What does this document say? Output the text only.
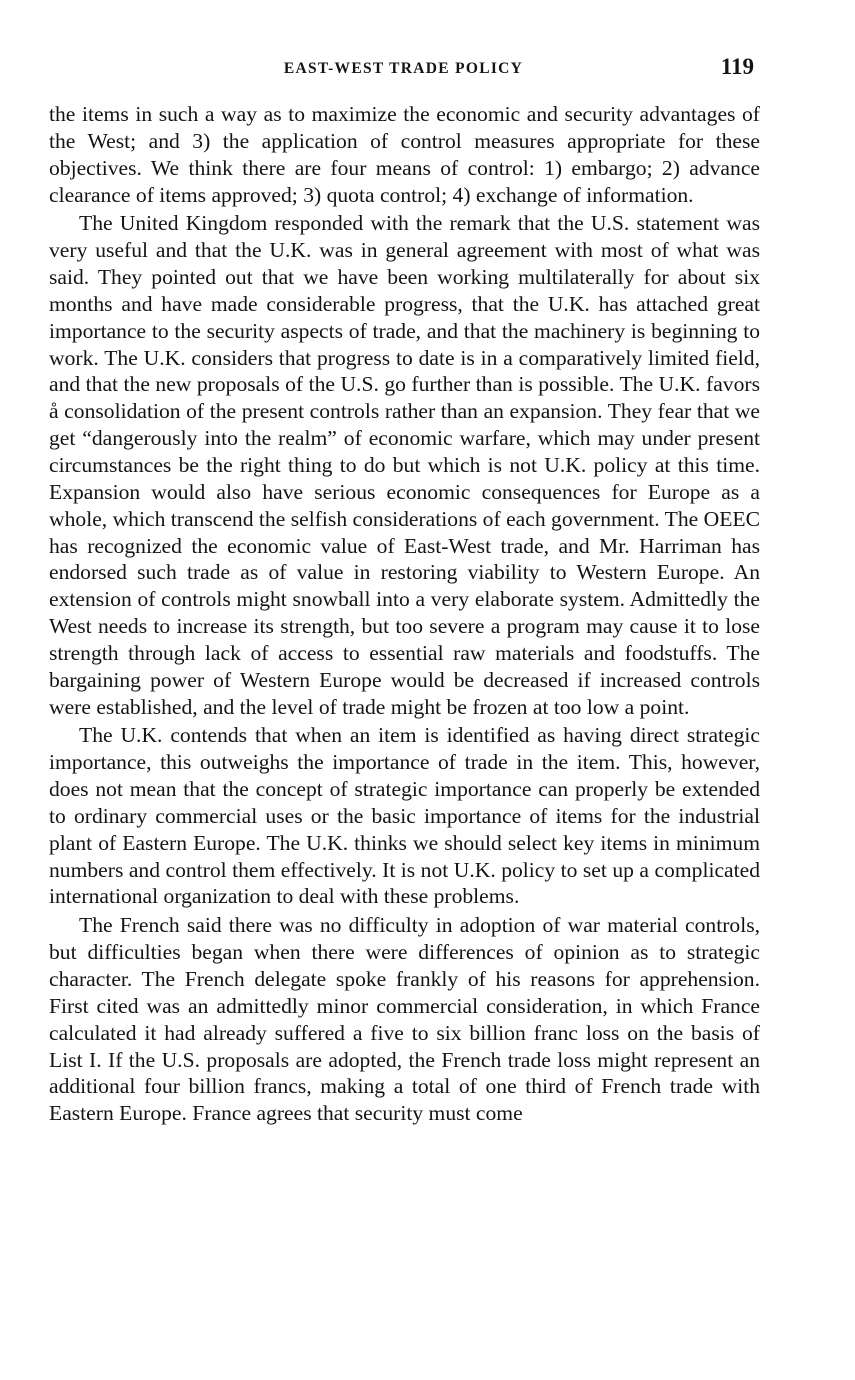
EAST-WEST TRADE POLICY	119

the items in such a way as to maximize the economic and security advantages of the West; and 3) the application of control measures appropriate for these objectives. We think there are four means of control: 1) embargo; 2) advance clearance of items approved; 3) quota control; 4) exchange of information.

The United Kingdom responded with the remark that the U.S. statement was very useful and that the U.K. was in general agreement with most of what was said. They pointed out that we have been working multilaterally for about six months and have made considerable progress, that the U.K. has attached great importance to the security aspects of trade, and that the machinery is beginning to work. The U.K. considers that progress to date is in a comparatively limited field, and that the new proposals of the U.S. go further than is possible. The U.K. favors å consolidation of the present controls rather than an expansion. They fear that we get “dangerously into the realm” of economic warfare, which may under present circumstances be the right thing to do but which is not U.K. policy at this time. Expansion would also have serious economic consequences for Europe as a whole, which transcend the selfish considerations of each government. The OEEC has recognized the economic value of East-West trade, and Mr. Harriman has endorsed such trade as of value in restoring viability to Western Europe. An extension of controls might snowball into a very elaborate system. Admittedly the West needs to increase its strength, but too severe a program may cause it to lose strength through lack of access to essential raw materials and foodstuffs. The bargaining power of Western Europe would be decreased if increased controls were established, and the level of trade might be frozen at too low a point.

The U.K. contends that when an item is identified as having direct strategic importance, this outweighs the importance of trade in the item. This, however, does not mean that the concept of strategic importance can properly be extended to ordinary commercial uses or the basic importance of items for the industrial plant of Eastern Europe. The U.K. thinks we should select key items in minimum numbers and control them effectively. It is not U.K. policy to set up a complicated international organization to deal with these problems.

The French said there was no difficulty in adoption of war material controls, but difficulties began when there were differences of opinion as to strategic character. The French delegate spoke frankly of his reasons for apprehension. First cited was an admittedly minor commercial consideration, in which France calculated it had already suffered a five to six billion franc loss on the basis of List I. If the U.S. proposals are adopted, the French trade loss might represent an additional four billion francs, making a total of one third of French trade with Eastern Europe. France agrees that security must come
